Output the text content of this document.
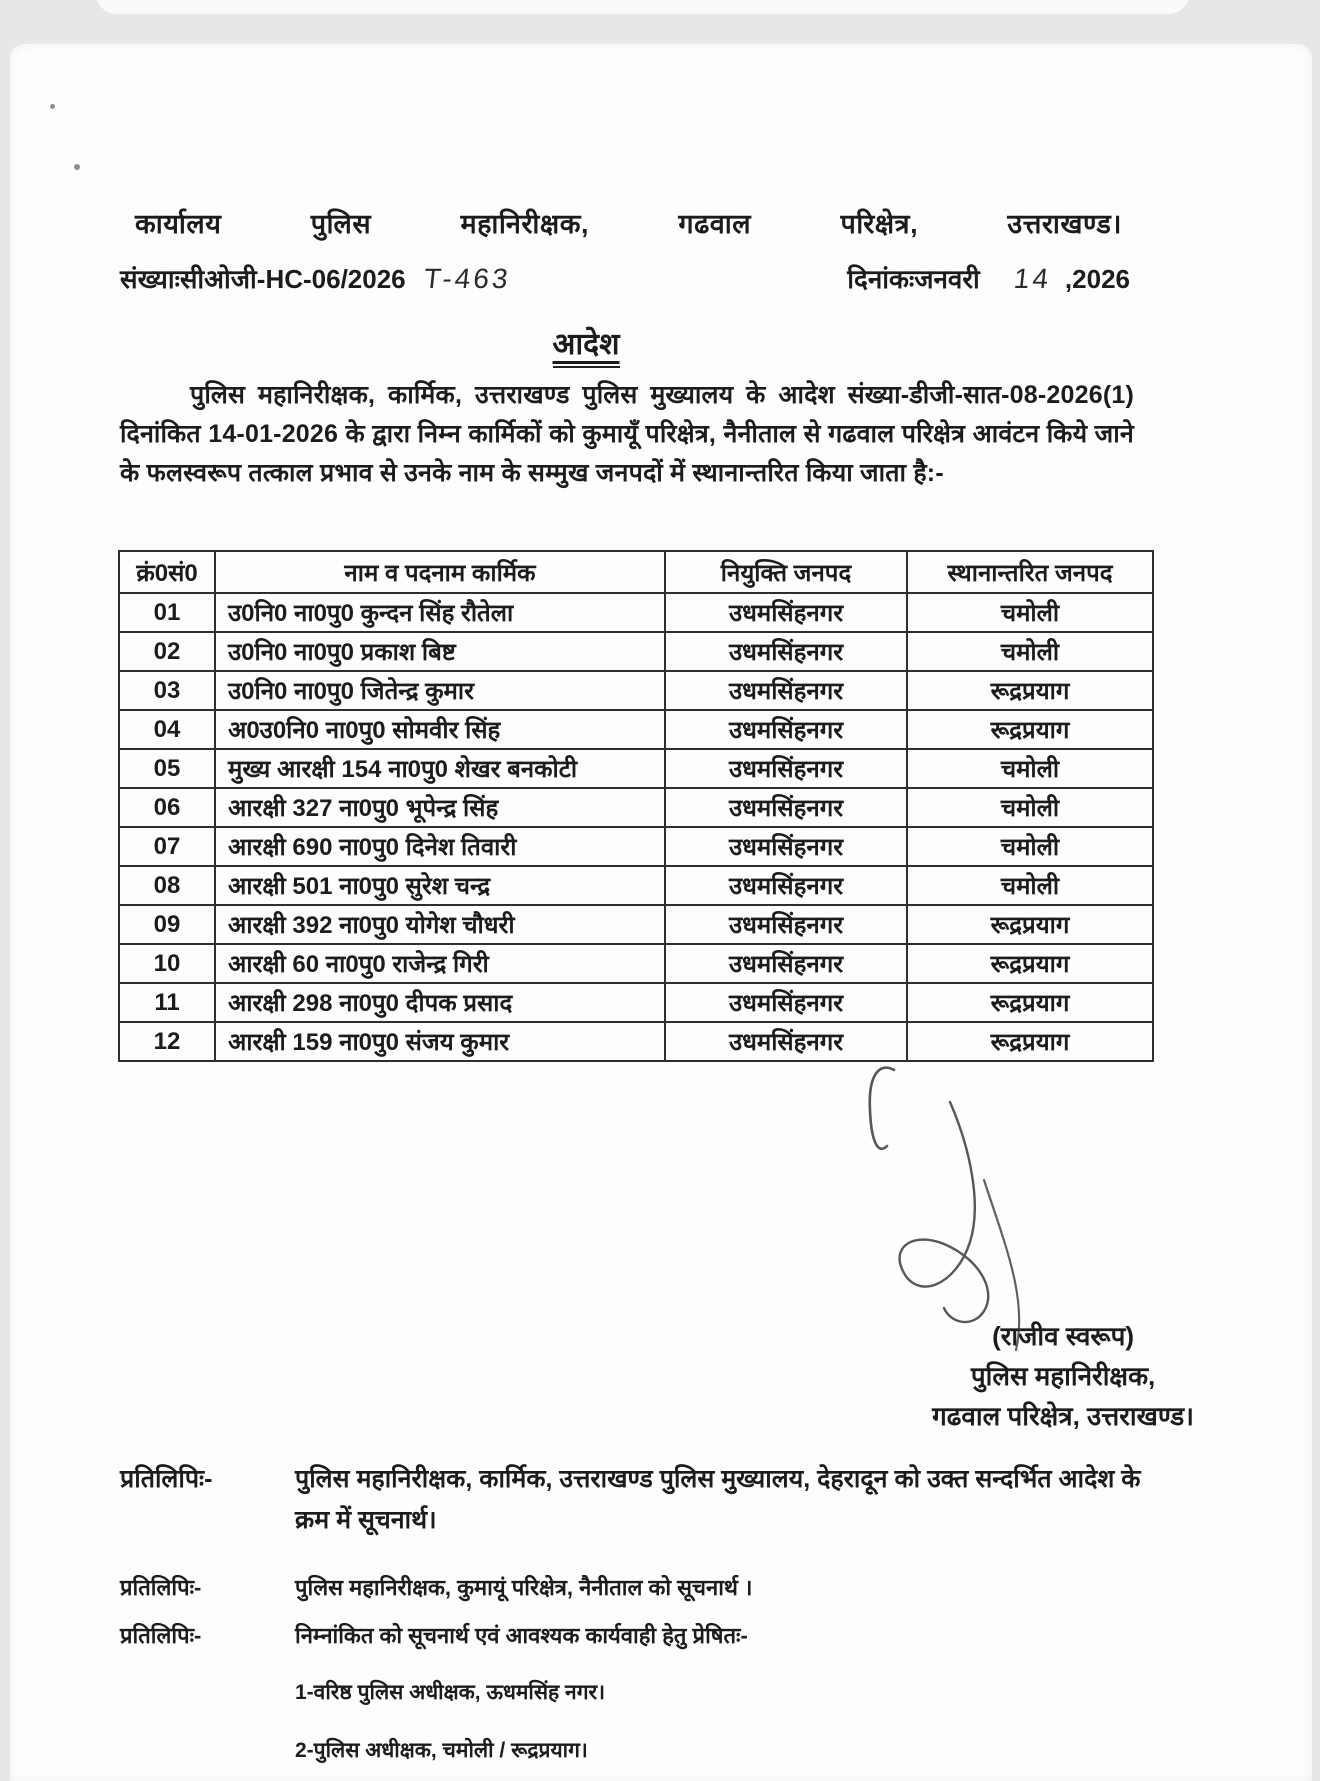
कार्यालय	पुलिस	महानिरीक्षक,	गढवाल	परिक्षेत्र,	उत्तराखण्ड।
संख्याःसीओजी-HC-06/2026 T-463	दिनांकःजनवरी 14 ,2026
आदेश

पुलिस महानिरीक्षक, कार्मिक, उत्तराखण्ड पुलिस मुख्यालय के आदेश संख्या-डीजी-सात-08-2026(1) दिनांकित 14-01-2026 के द्वारा निम्न कार्मिकों को कुमायूँ परिक्षेत्र, नैनीताल से गढवाल परिक्षेत्र आवंटन किये जाने के फलस्वरूप तत्काल प्रभाव से उनके नाम के सम्मुख जनपदों में स्थानान्तरित किया जाता है:-

क्रं0सं0	नाम व पदनाम कार्मिक	नियुक्ति जनपद	स्थानान्तरित जनपद
01	उ0नि0 ना0पु0 कुन्दन सिंह रौतेला	उधमसिंहनगर	चमोली
02	उ0नि0 ना0पु0 प्रकाश बिष्ट	उधमसिंहनगर	चमोली
03	उ0नि0 ना0पु0 जितेन्द्र कुमार	उधमसिंहनगर	रूद्रप्रयाग
04	अ0उ0नि0 ना0पु0 सोमवीर सिंह	उधमसिंहनगर	रूद्रप्रयाग
05	मुख्य आरक्षी 154 ना0पु0 शेखर बनकोटी	उधमसिंहनगर	चमोली
06	आरक्षी 327 ना0पु0 भूपेन्द्र सिंह	उधमसिंहनगर	चमोली
07	आरक्षी 690 ना0पु0 दिनेश तिवारी	उधमसिंहनगर	चमोली
08	आरक्षी 501 ना0पु0 सुरेश चन्द्र	उधमसिंहनगर	चमोली
09	आरक्षी 392 ना0पु0 योगेश चौधरी	उधमसिंहनगर	रूद्रप्रयाग
10	आरक्षी 60 ना0पु0 राजेन्द्र गिरी	उधमसिंहनगर	रूद्रप्रयाग
11	आरक्षी 298 ना0पु0 दीपक प्रसाद	उधमसिंहनगर	रूद्रप्रयाग
12	आरक्षी 159 ना0पु0 संजय कुमार	उधमसिंहनगर	रूद्रप्रयाग
(राजीव स्वरूप)
पुलिस महानिरीक्षक,
गढवाल परिक्षेत्र, उत्तराखण्ड।
प्रतिलिपिः-	पुलिस महानिरीक्षक, कार्मिक, उत्तराखण्ड पुलिस मुख्यालय, देहरादून को उक्त सन्दर्भित आदेश के क्रम में सूचनार्थ।
प्रतिलिपिः-	पुलिस महानिरीक्षक, कुमायूं परिक्षेत्र, नैनीताल को सूचनार्थ ।
प्रतिलिपिः-	निम्नांकित को सूचनार्थ एवं आवश्यक कार्यवाही हेतु प्रेषितः-
1-वरिष्ठ पुलिस अधीक्षक, ऊधमसिंह नगर।
2-पुलिस अधीक्षक, चमोली / रूद्रप्रयाग।
